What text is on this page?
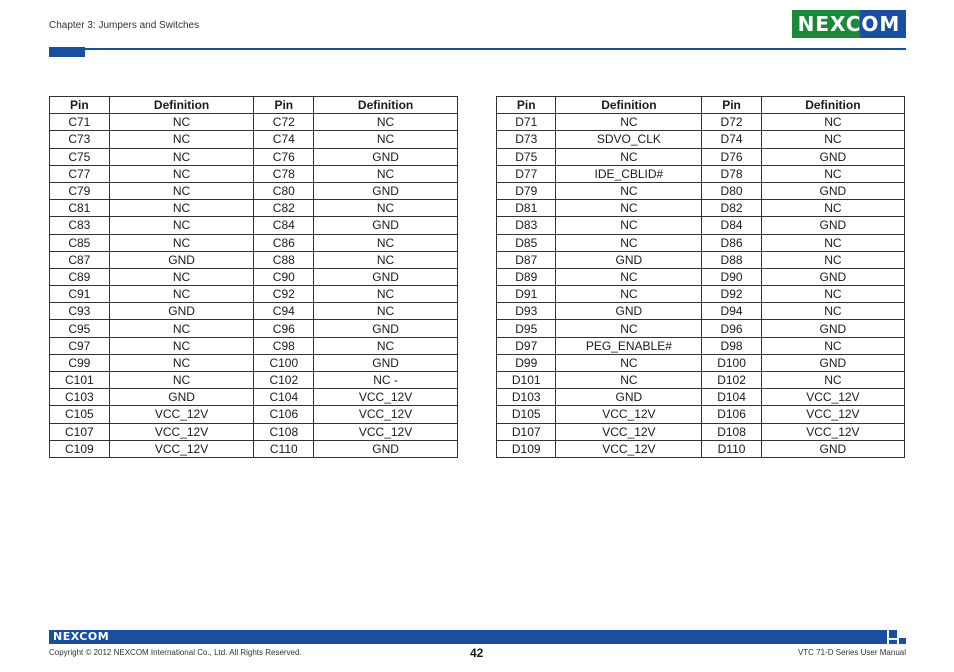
Chapter 3: Jumpers and Switches	NEXCOM
Pin	Definition	Pin	Definition
C71	NC	C72	NC
C73	NC	C74	NC
C75	NC	C76	GND
C77	NC	C78	NC
C79	NC	C80	GND
C81	NC	C82	NC
C83	NC	C84	GND
C85	NC	C86	NC
C87	GND	C88	NC
C89	NC	C90	GND
C91	NC	C92	NC
C93	GND	C94	NC
C95	NC	C96	GND
C97	NC	C98	NC
C99	NC	C100	GND
C101	NC	C102	NC -
C103	GND	C104	VCC_12V
C105	VCC_12V	C106	VCC_12V
C107	VCC_12V	C108	VCC_12V
C109	VCC_12V	C110	GND
Pin	Definition	Pin	Definition
D71	NC	D72	NC
D73	SDVO_CLK	D74	NC
D75	NC	D76	GND
D77	IDE_CBLID#	D78	NC
D79	NC	D80	GND
D81	NC	D82	NC
D83	NC	D84	GND
D85	NC	D86	NC
D87	GND	D88	NC
D89	NC	D90	GND
D91	NC	D92	NC
D93	GND	D94	NC
D95	NC	D96	GND
D97	PEG_ENABLE#	D98	NC
D99	NC	D100	GND
D101	NC	D102	NC
D103	GND	D104	VCC_12V
D105	VCC_12V	D106	VCC_12V
D107	VCC_12V	D108	VCC_12V
D109	VCC_12V	D110	GND
NEXCOM
Copyright © 2012 NEXCOM International Co., Ltd. All Rights Reserved.	42	VTC 71-D Series User Manual
